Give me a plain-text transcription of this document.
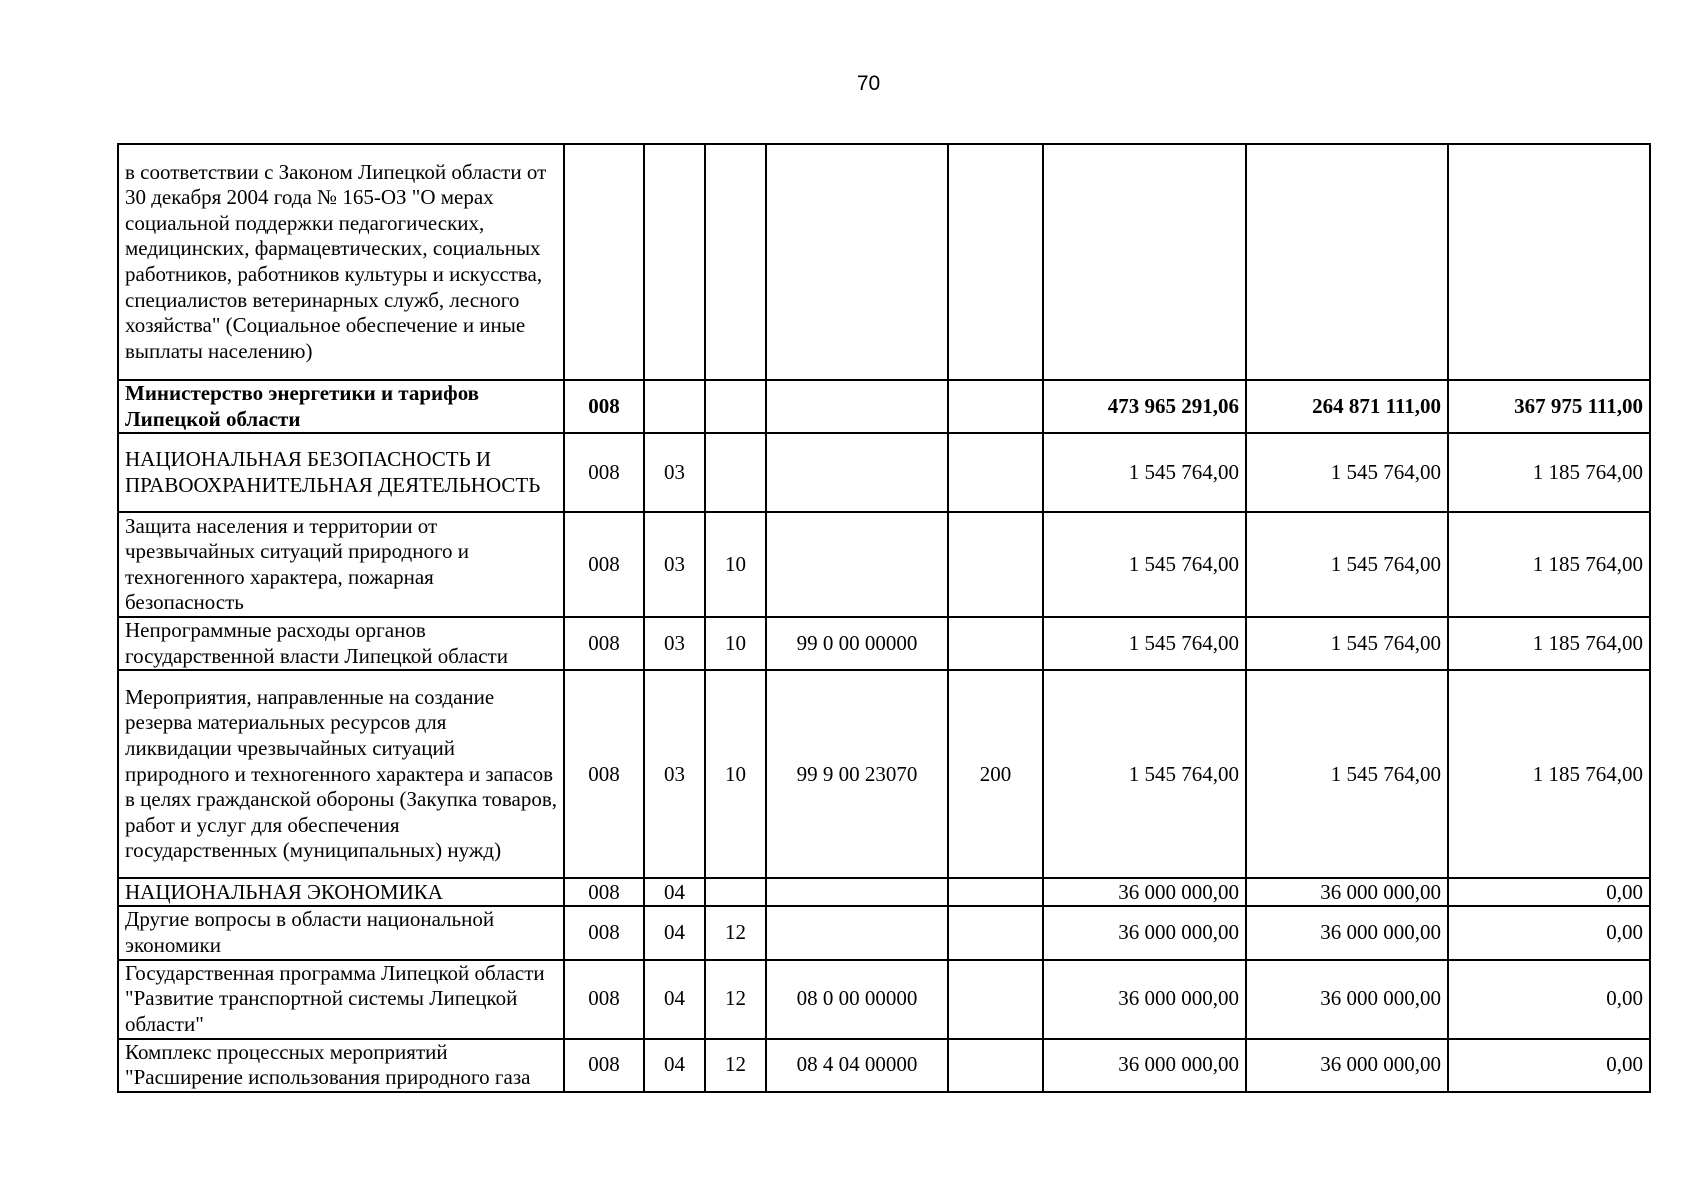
70
в соответствии с Законом Липецкой области от 30 декабря 2004 года № 165-ОЗ "О мерах социальной поддержки педагогических, медицинских, фармацевтических, социальных работников, работников культуры и искусства, специалистов ветеринарных служб, лесного хозяйства" (Социальное обеспечение и иные выплаты населению)								
Министерство энергетики и тарифов Липецкой области	008					473 965 291,06	264 871 111,00	367 975 111,00
НАЦИОНАЛЬНАЯ БЕЗОПАСНОСТЬ И ПРАВООХРАНИТЕЛЬНАЯ ДЕЯТЕЛЬНОСТЬ	008	03				1 545 764,00	1 545 764,00	1 185 764,00
Защита населения и территории от чрезвычайных ситуаций природного и техногенного характера, пожарная безопасность	008	03	10			1 545 764,00	1 545 764,00	1 185 764,00
Непрограммные расходы органов государственной власти Липецкой области	008	03	10	99 0 00 00000		1 545 764,00	1 545 764,00	1 185 764,00
Мероприятия, направленные на создание резерва материальных ресурсов для ликвидации чрезвычайных ситуаций природного и техногенного характера и запасов в целях гражданской обороны (Закупка товаров, работ и услуг для обеспечения государственных (муниципальных) нужд)	008	03	10	99 9 00 23070	200	1 545 764,00	1 545 764,00	1 185 764,00
НАЦИОНАЛЬНАЯ ЭКОНОМИКА	008	04				36 000 000,00	36 000 000,00	0,00
Другие вопросы в области национальной экономики	008	04	12			36 000 000,00	36 000 000,00	0,00
Государственная программа Липецкой области "Развитие транспортной системы Липецкой области"	008	04	12	08 0 00 00000		36 000 000,00	36 000 000,00	0,00
Комплекс процессных мероприятий "Расширение использования природного газа	008	04	12	08 4 04 00000		36 000 000,00	36 000 000,00	0,00
